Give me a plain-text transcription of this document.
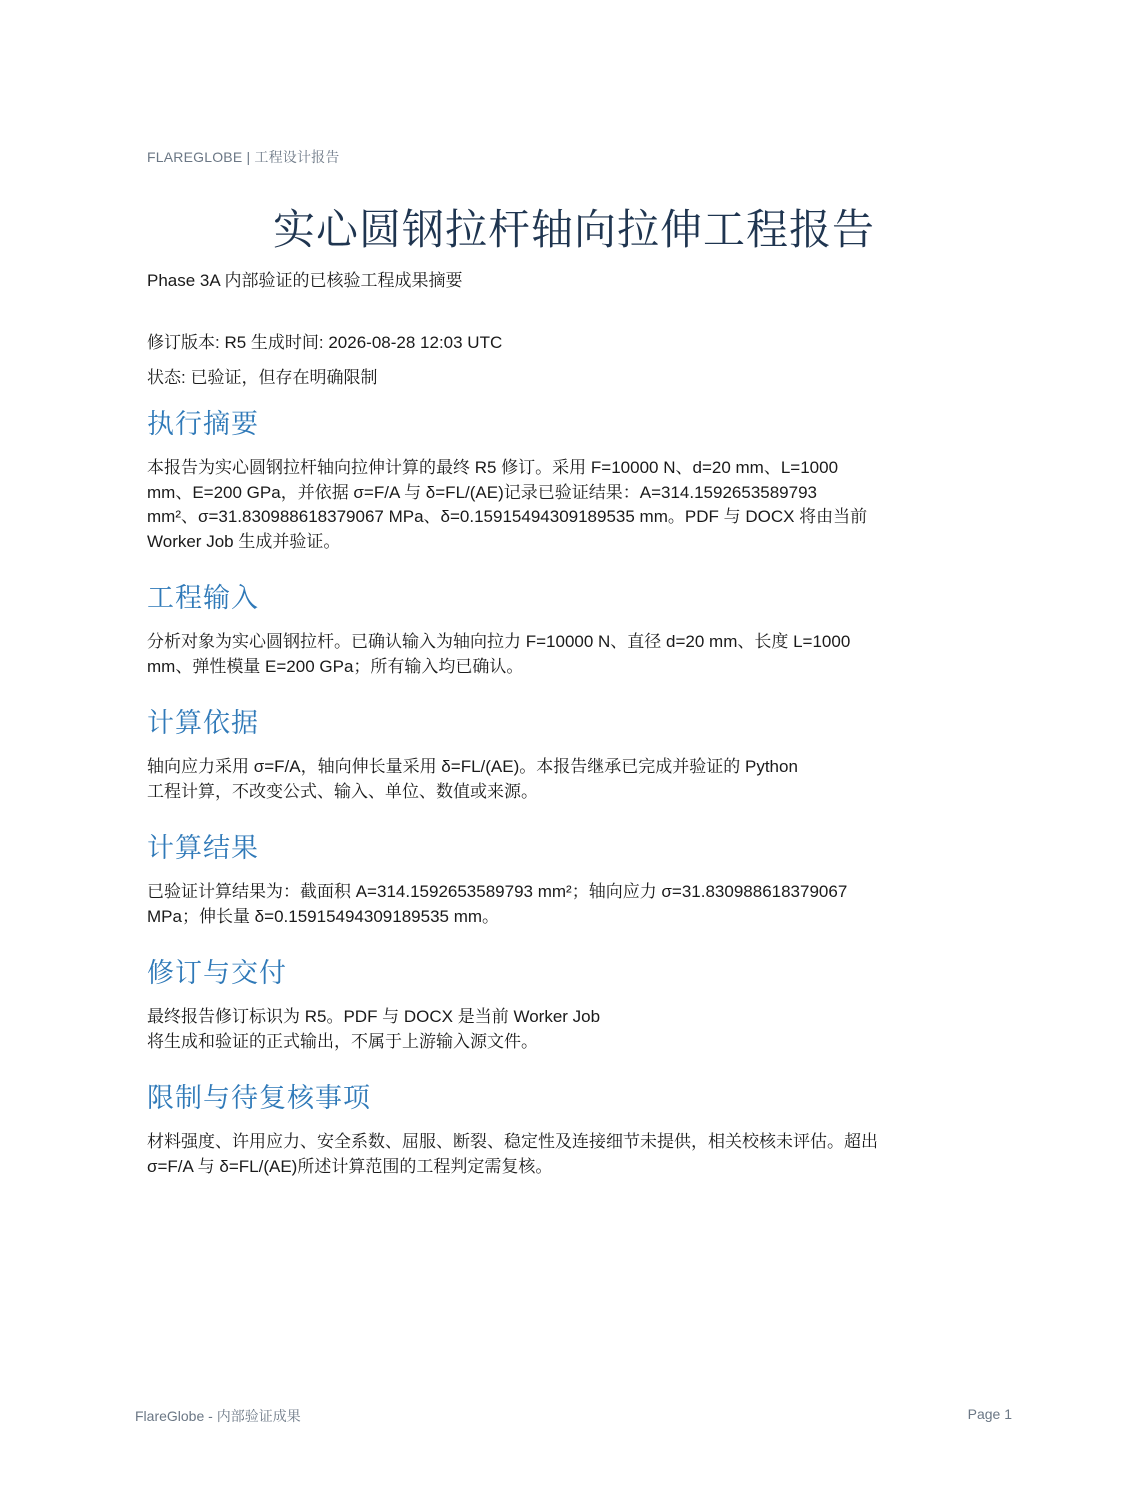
FLAREGLOBE | 工程设计报告
实心圆钢拉杆轴向拉伸工程报告
Phase 3A 内部验证的已核验工程成果摘要
修订版本: R5 生成时间: 2026-08-28 12:03 UTC
状态: 已验证，但存在明确限制
执行摘要

本报告为实心圆钢拉杆轴向拉伸计算的最终 R5 修订。采用 F=10000 N、d=20 mm、L=1000
mm、E=200 GPa，并依据 σ=F/A 与 δ=FL/(AE)记录已验证结果：A=314.1592653589793
mm²、σ=31.830988618379067 MPa、δ=0.15915494309189535 mm。PDF 与 DOCX 将由当前
Worker Job 生成并验证。

工程输入

分析对象为实心圆钢拉杆。已确认输入为轴向拉力 F=10000 N、直径 d=20 mm、长度 L=1000
mm、弹性模量 E=200 GPa；所有输入均已确认。

计算依据

轴向应力采用 σ=F/A，轴向伸长量采用 δ=FL/(AE)。本报告继承已完成并验证的 Python
工程计算，不改变公式、输入、单位、数值或来源。

计算结果

已验证计算结果为：截面积 A=314.1592653589793 mm²；轴向应力 σ=31.830988618379067
MPa；伸长量 δ=0.15915494309189535 mm。

修订与交付

最终报告修订标识为 R5。PDF 与 DOCX 是当前 Worker Job
将生成和验证的正式输出，不属于上游输入源文件。

限制与待复核事项

材料强度、许用应力、安全系数、屈服、断裂、稳定性及连接细节未提供，相关校核未评估。超出
σ=F/A 与 δ=FL/(AE)所述计算范围的工程判定需复核。

FlareGlobe - 内部验证成果	Page 1
